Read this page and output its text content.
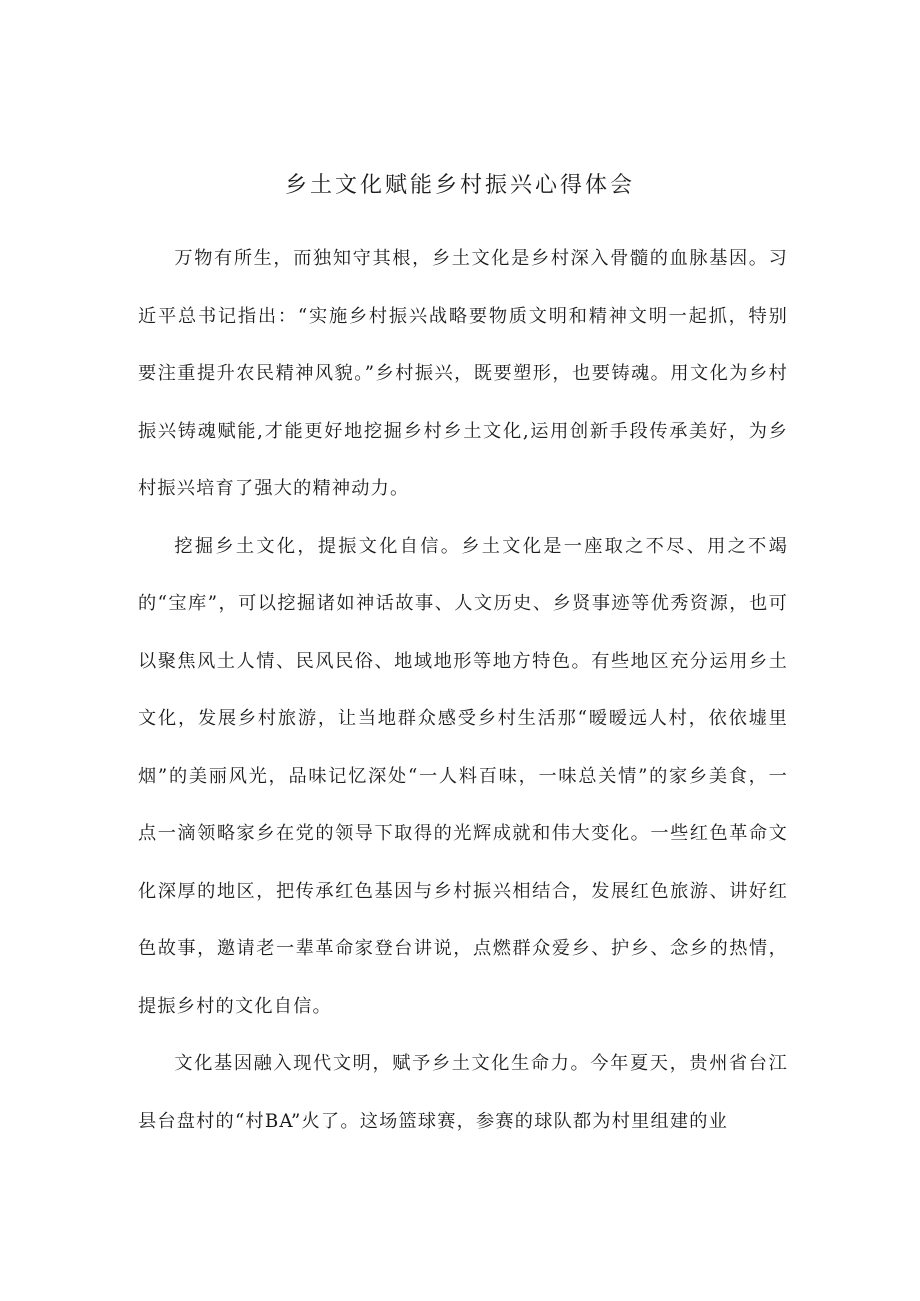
乡土文化赋能乡村振兴心得体会

万物有所生，而独知守其根，乡土文化是乡村深入骨髓的血脉基因。习近平总书记指出：“实施乡村振兴战略要物质文明和精神文明一起抓，特别要注重提升农民精神风貌。”乡村振兴，既要塑形，也要铸魂。用文化为乡村振兴铸魂赋能,才能更好地挖掘乡村乡土文化,运用创新手段传承美好，为乡村振兴培育了强大的精神动力。

挖掘乡土文化，提振文化自信。乡土文化是一座取之不尽、用之不竭的“宝库”，可以挖掘诸如神话故事、人文历史、乡贤事迹等优秀资源，也可以聚焦风土人情、民风民俗、地域地形等地方特色。有些地区充分运用乡土文化，发展乡村旅游，让当地群众感受乡村生活那“暧暧远人村，依依墟里烟”的美丽风光，品味记忆深处“一人料百味，一味总关情”的家乡美食，一点一滴领略家乡在党的领导下取得的光辉成就和伟大变化。一些红色革命文化深厚的地区，把传承红色基因与乡村振兴相结合，发展红色旅游、讲好红色故事，邀请老一辈革命家登台讲说，点燃群众爱乡、护乡、念乡的热情，提振乡村的文化自信。

文化基因融入现代文明，赋予乡土文化生命力。今年夏天，贵州省台江县台盘村的“村BA”火了。这场篮球赛，参赛的球队都为村里组建的业
